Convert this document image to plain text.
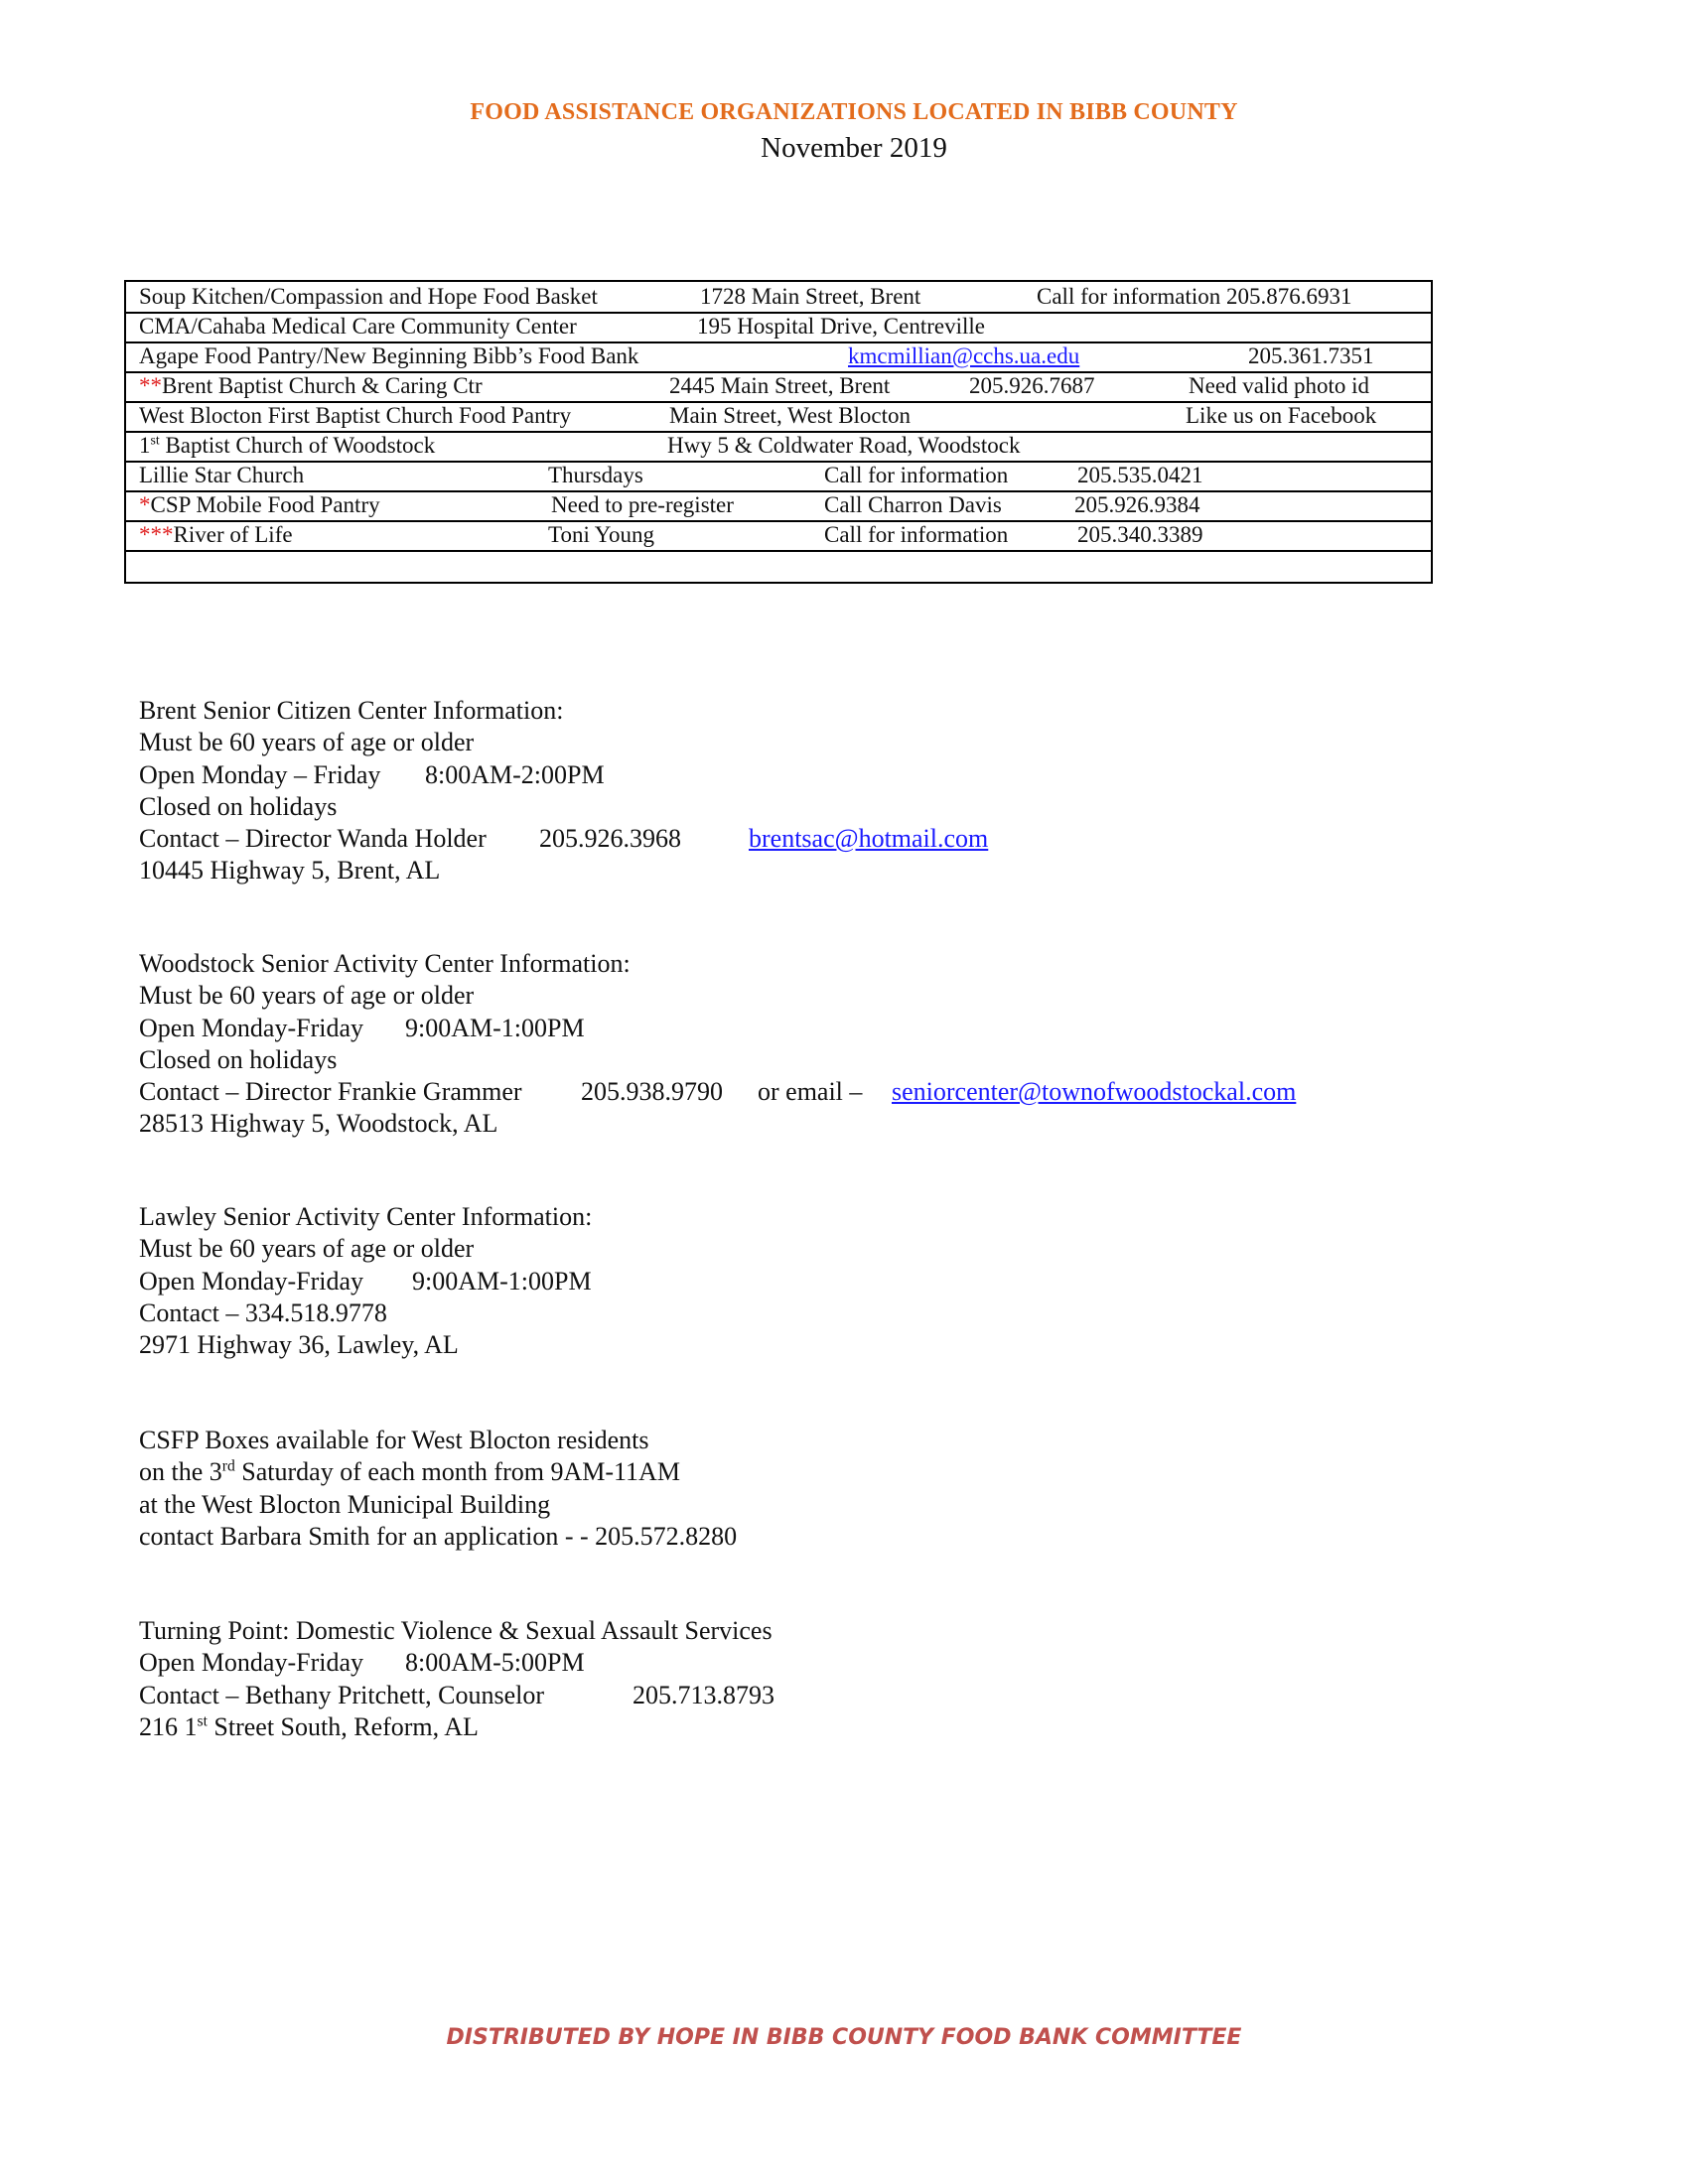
FOOD ASSISTANCE ORGANIZATIONS LOCATED IN BIBB COUNTY
November 2019
Soup Kitchen/Compassion and Hope Food Basket	1728 Main Street, Brent	Call for information 205.876.6931
CMA/Cahaba Medical Care Community Center	195 Hospital Drive, Centreville
Agape Food Pantry/New Beginning Bibb’s Food Bank	kmcmillian@cchs.ua.edu	205.361.7351
**Brent Baptist Church & Caring Ctr	2445 Main Street, Brent	205.926.7687	Need valid photo id
West Blocton First Baptist Church Food Pantry	Main Street, West Blocton	Like us on Facebook
1st Baptist Church of Woodstock	Hwy 5 & Coldwater Road, Woodstock
Lillie Star Church	Thursdays	Call for information	205.535.0421
*CSP Mobile Food Pantry	Need to pre-register	Call Charron Davis	205.926.9384
***River of Life	Toni Young	Call for information	205.340.3389
Brent Senior Citizen Center Information:
Must be 60 years of age or older
Open Monday – Friday 8:00AM-2:00PM
Closed on holidays
Contact – Director Wanda Holder 205.926.3968	brentsac@hotmail.com
10445 Highway 5, Brent, AL
Woodstock Senior Activity Center Information:
Must be 60 years of age or older
Open Monday-Friday 9:00AM-1:00PM
Closed on holidays
Contact – Director Frankie Grammer 205.938.9790 or email – seniorcenter@townofwoodstockal.com
28513 Highway 5, Woodstock, AL
Lawley Senior Activity Center Information:
Must be 60 years of age or older
Open Monday-Friday 9:00AM-1:00PM
Contact – 334.518.9778
2971 Highway 36, Lawley, AL
CSFP Boxes available for West Blocton residents
on the 3rd Saturday of each month from 9AM-11AM
at the West Blocton Municipal Building
contact Barbara Smith for an application - - 205.572.8280
Turning Point: Domestic Violence & Sexual Assault Services
Open Monday-Friday 8:00AM-5:00PM
Contact – Bethany Pritchett, Counselor	205.713.8793
216 1st Street South, Reform, AL
DISTRIBUTED BY HOPE IN BIBB COUNTY FOOD BANK COMMITTEE
